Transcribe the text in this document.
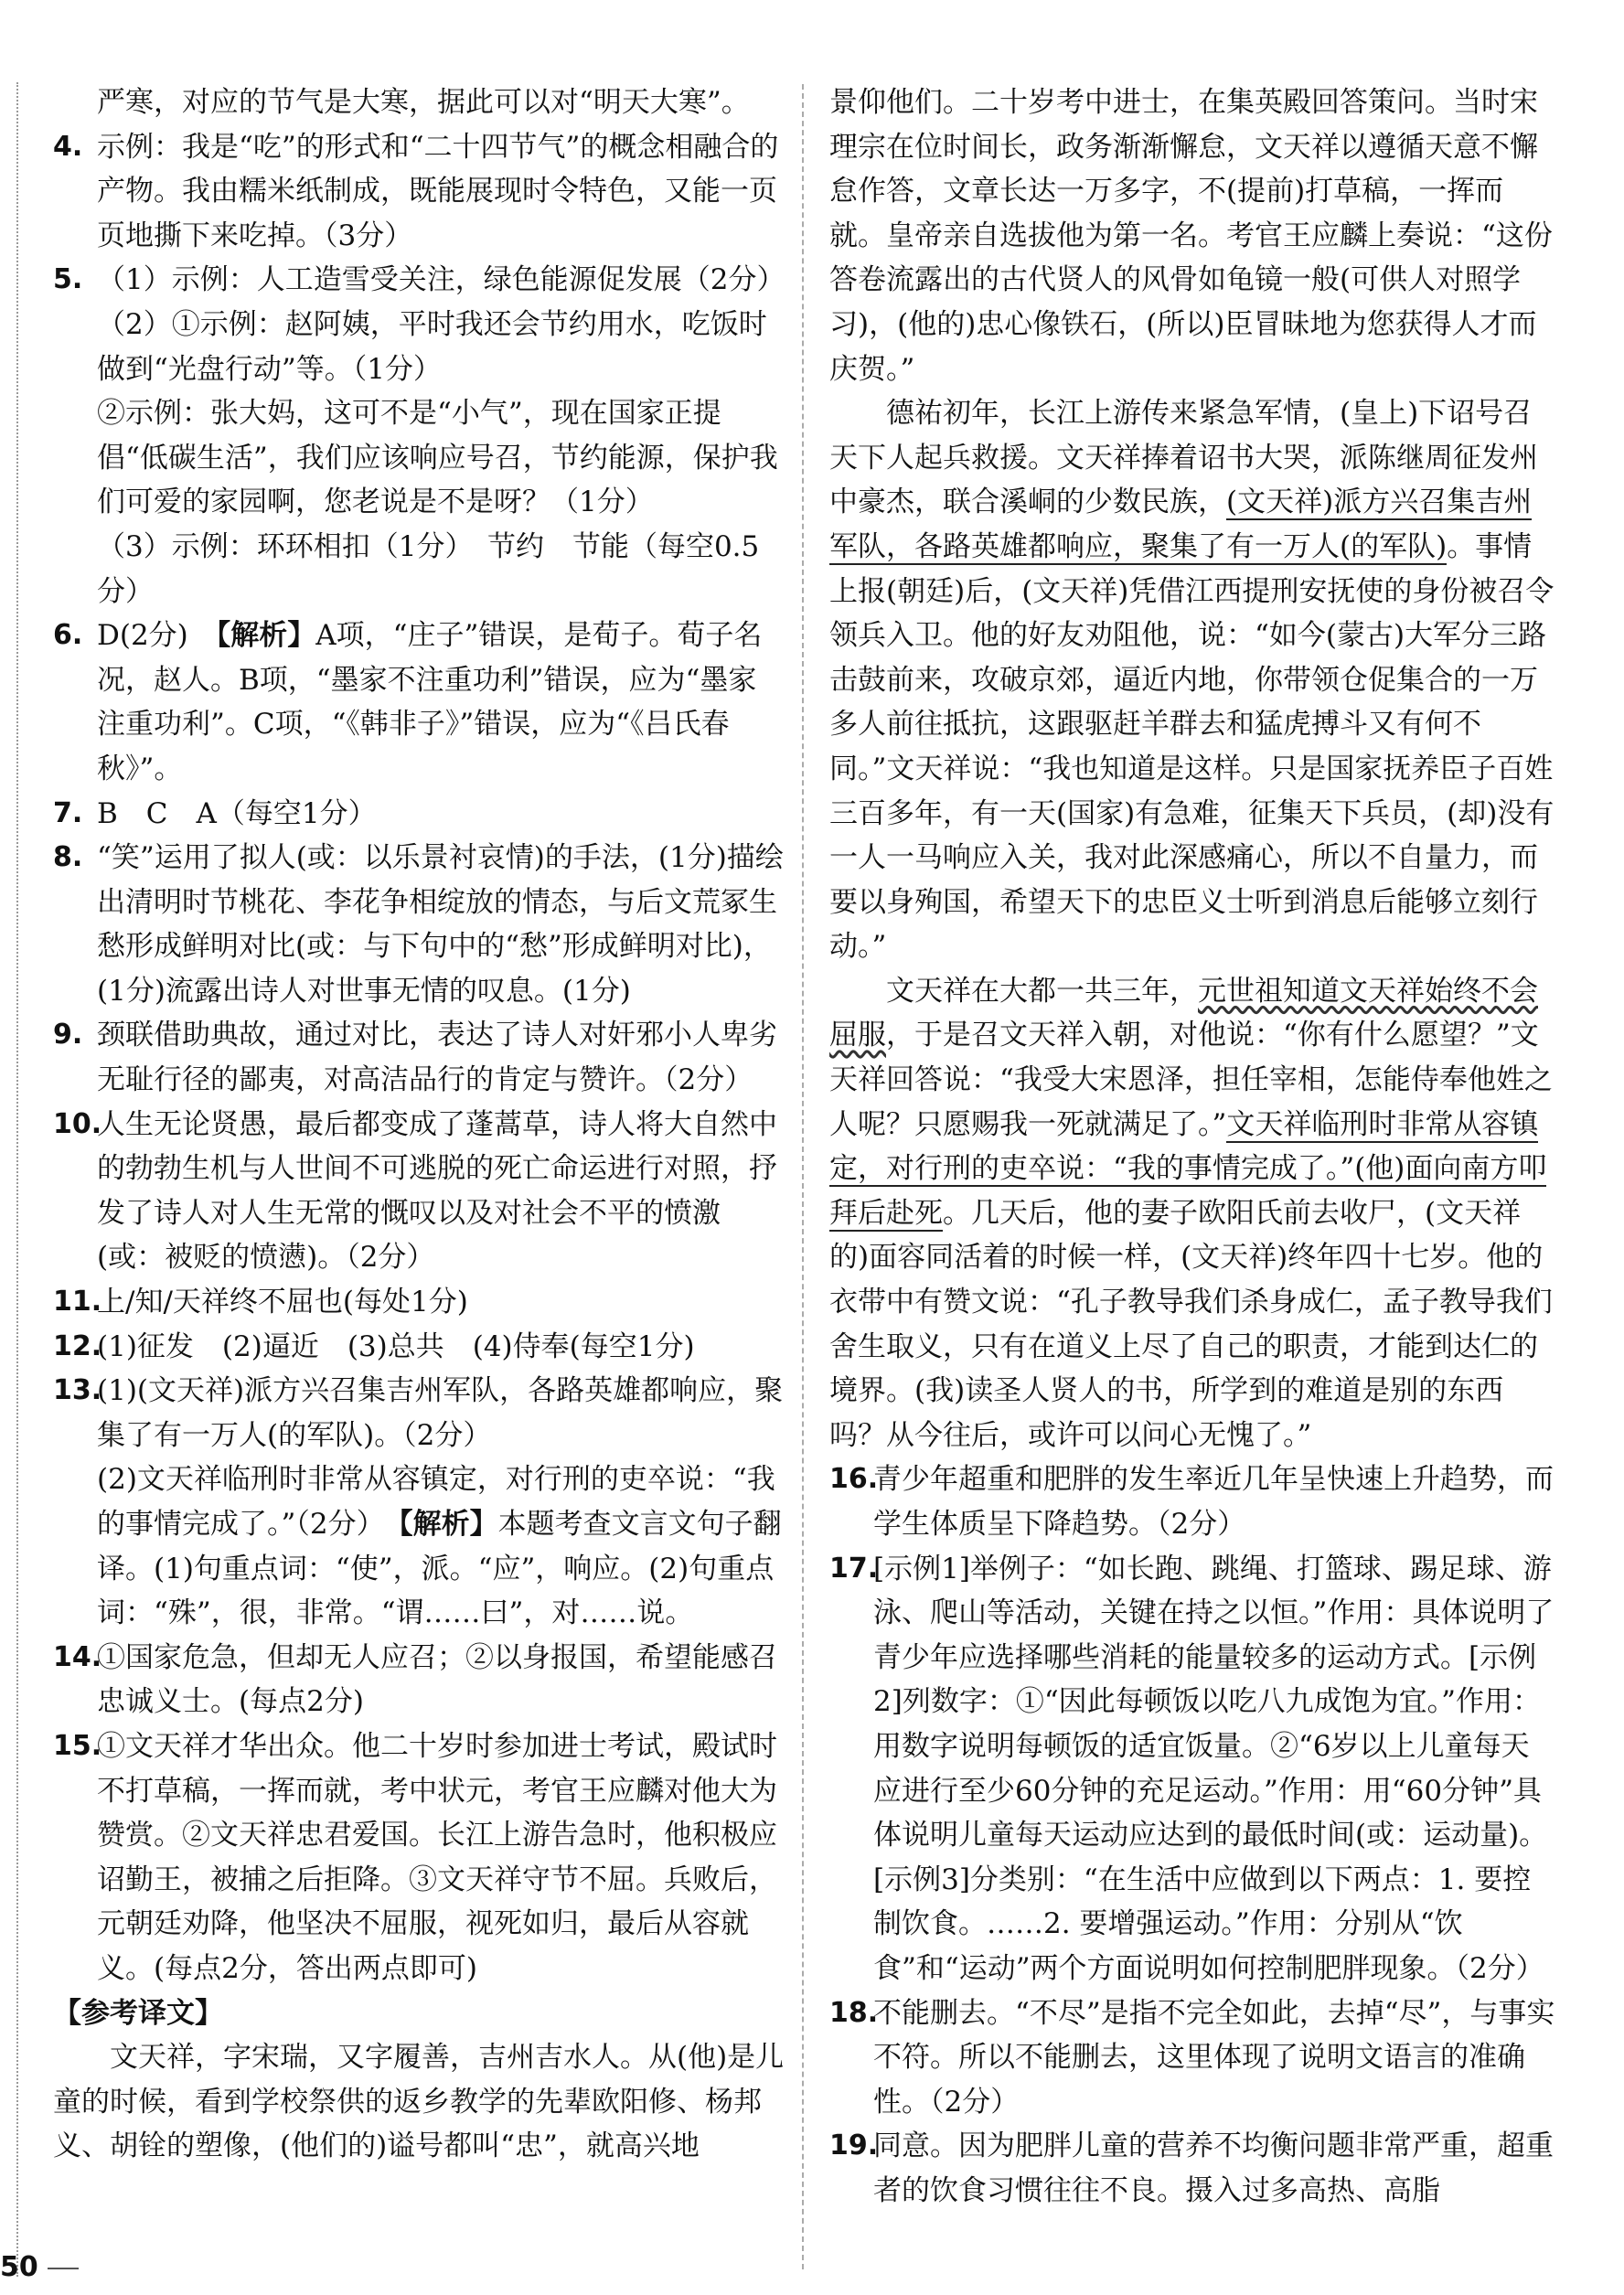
严寒，对应的节气是大寒，据此可以对“明天大寒”。

4. 示例：我是“吃”的形式和“二十四节气”的概念相融合的产物。我由糯米纸制成，既能展现时令特色，又能一页页地撕下来吃掉。（3分）
5. （1）示例：人工造雪受关注，绿色能源促发展（2分）

（2）①示例：赵阿姨，平时我还会节约用水，吃饭时做到“光盘行动”等。（1分）

②示例：张大妈，这可不是“小气”，现在国家正提倡“低碳生活”，我们应该响应号召，节约能源，保护我们可爱的家园啊，您老说是不是呀？（1分）

（3）示例：环环相扣（1分）　节约　节能（每空0.5分）

6. D(2分)　【解析】A项，“庄子”错误，是荀子。荀子名况，赵人。B项，“墨家不注重功利”错误，应为“墨家注重功利”。C项，“《韩非子》”错误，应为“《吕氏春秋》”。
7. B　C　A（每空1分）
8. “笑”运用了拟人(或：以乐景衬哀情)的手法，(1分)描绘出清明时节桃花、李花争相绽放的情态，与后文荒冢生愁形成鲜明对比(或：与下句中的“愁”形成鲜明对比)，(1分)流露出诗人对世事无情的叹息。(1分)
9. 颈联借助典故，通过对比，表达了诗人对奸邪小人卑劣无耻行径的鄙夷，对高洁品行的肯定与赞许。（2分）
10.
人生无论贤愚，最后都变成了蓬蒿草，诗人将大自然中的勃勃生机与人世间不可逃脱的死亡命运进行对照，抒发了诗人对人生无常的慨叹以及对社会不平的愤激(或：被贬的愤懑)。（2分）
11.
上/知/天祥终不屈也(每处1分)
12.
(1)征发　(2)逼近　(3)总共　(4)侍奉(每空1分)
13.

(1)(文天祥)派方兴召集吉州军队，各路英雄都响应，聚集了有一万人(的军队)。（2分）

(2)文天祥临刑时非常从容镇定，对行刑的吏卒说：“我的事情完成了。”（2分）　【解析】本题考查文言文句子翻译。(1)句重点词：“使”，派。“应”，响应。(2)句重点词：“殊”，很，非常。“谓……曰”，对……说。

14.
①国家危急，但却无人应召；②以身报国，希望能感召忠诚义士。(每点2分)
15.
①文天祥才华出众。他二十岁时参加进士考试，殿试时不打草稿，一挥而就，考中状元，考官王应麟对他大为赞赏。②文天祥忠君爱国。长江上游告急时，他积极应诏勤王，被捕之后拒降。③文天祥守节不屈。兵败后，元朝廷劝降，他坚决不屈服，视死如归，最后从容就义。(每点2分，答出两点即可)

【参考译文】

文天祥，字宋瑞，又字履善，吉州吉水人。从(他)是儿童的时候，看到学校祭供的返乡教学的先辈欧阳修、杨邦义、胡铨的塑像，(他们的)谥号都叫“忠”，就高兴地

景仰他们。二十岁考中进士，在集英殿回答策问。当时宋理宗在位时间长，政务渐渐懈怠，文天祥以遵循天意不懈怠作答，文章长达一万多字，不(提前)打草稿，一挥而就。皇帝亲自选拔他为第一名。考官王应麟上奏说：“这份答卷流露出的古代贤人的风骨如龟镜一般(可供人对照学习)，(他的)忠心像铁石，(所以)臣冒昧地为您获得人才而庆贺。”

德祐初年，长江上游传来紧急军情，(皇上)下诏号召天下人起兵救援。文天祥捧着诏书大哭，派陈继周征发州中豪杰，联合溪峒的少数民族，(文天祥)派方兴召集吉州军队，各路英雄都响应，聚集了有一万人(的军队)。事情上报(朝廷)后，(文天祥)凭借江西提刑安抚使的身份被召令领兵入卫。他的好友劝阻他，说：“如今(蒙古)大军分三路击鼓前来，攻破京郊，逼近内地，你带领仓促集合的一万多人前往抵抗，这跟驱赶羊群去和猛虎搏斗又有何不同。”文天祥说：“我也知道是这样。只是国家抚养臣子百姓三百多年，有一天(国家)有急难，征集天下兵员，(却)没有一人一马响应入关，我对此深感痛心，所以不自量力，而要以身殉国，希望天下的忠臣义士听到消息后能够立刻行动。”

文天祥在大都一共三年，元世祖知道文天祥始终不会屈服，于是召文天祥入朝，对他说：“你有什么愿望？”文天祥回答说：“我受大宋恩泽，担任宰相，怎能侍奉他姓之人呢？只愿赐我一死就满足了。”文天祥临刑时非常从容镇定，对行刑的吏卒说：“我的事情完成了。”(他)面向南方叩拜后赴死。几天后，他的妻子欧阳氏前去收尸，(文天祥的)面容同活着的时候一样，(文天祥)终年四十七岁。他的衣带中有赞文说：“孔子教导我们杀身成仁，孟子教导我们舍生取义，只有在道义上尽了自己的职责，才能到达仁的境界。(我)读圣人贤人的书，所学到的难道是别的东西吗？从今往后，或许可以问心无愧了。”

16.
青少年超重和肥胖的发生率近几年呈快速上升趋势，而学生体质呈下降趋势。（2分）
17.
[示例1]举例子：“如长跑、跳绳、打篮球、踢足球、游泳、爬山等活动，关键在持之以恒。”作用：具体说明了青少年应选择哪些消耗的能量较多的运动方式。[示例2]列数字：①“因此每顿饭以吃八九成饱为宜。”作用：用数字说明每顿饭的适宜饭量。②“6岁以上儿童每天应进行至少60分钟的充足运动。”作用：用“60分钟”具体说明儿童每天运动应达到的最低时间(或：运动量)。　[示例3]分类别：“在生活中应做到以下两点：1. 要控制饮食。……2. 要增强运动。”作用：分别从“饮食”和“运动”两个方面说明如何控制肥胖现象。（2分）
18.
不能删去。“不尽”是指不完全如此，去掉“尽”，与事实不符。所以不能删去，这里体现了说明文语言的准确性。（2分）
19.
同意。因为肥胖儿童的营养不均衡问题非常严重，超重者的饮食习惯往往不良。摄入过多高热、高脂
50
